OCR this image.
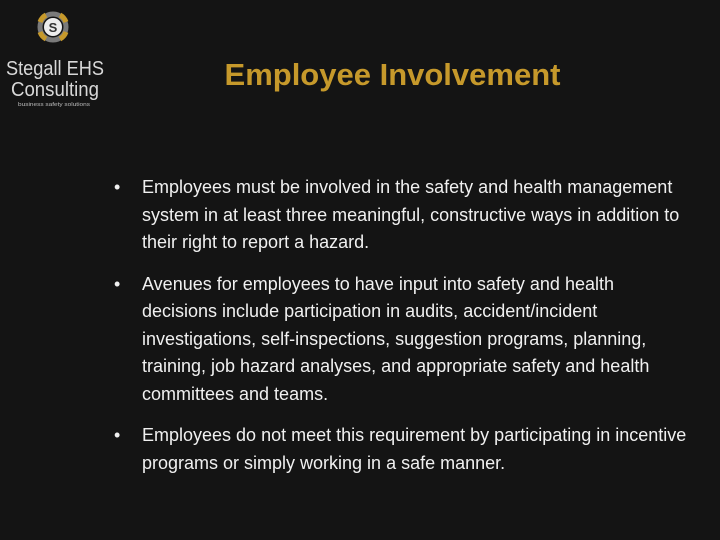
S
Stegall EHS
Consulting
business safety solutions
Employee Involvement
•	Employees must be involved in the safety and health management system in at least three meaningful, constructive ways in addition to their right to report a hazard.
•	Avenues for employees to have input into safety and health decisions include participation in audits, accident/incident investigations, self-inspections, suggestion programs, planning, training, job hazard analyses, and appropriate safety and health committees and teams.
•	Employees do not meet this requirement by participating in incentive programs or simply working in a safe manner.
